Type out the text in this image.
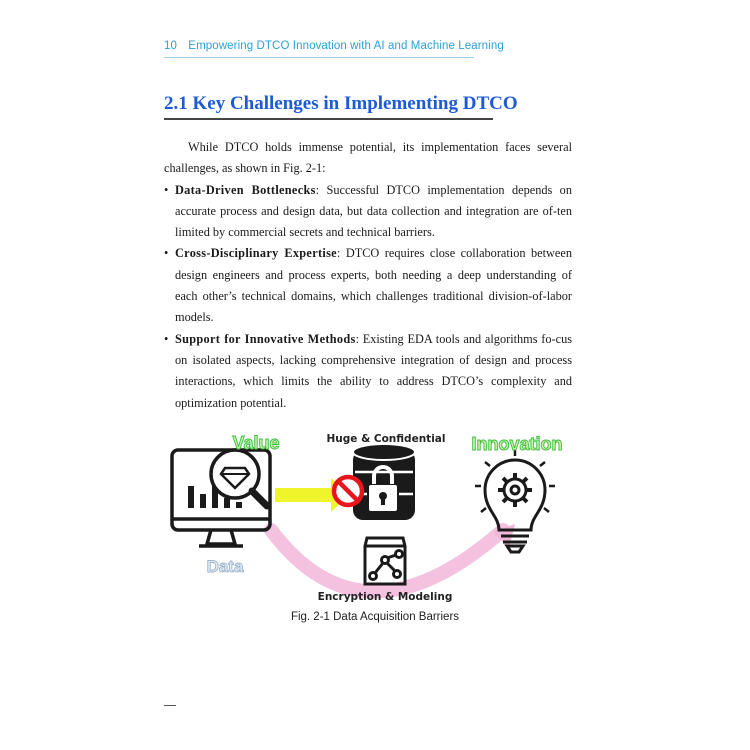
10 Empowering DTCO Innovation with AI and Machine Learning
2.1 Key Challenges in Implementing DTCO

While DTCO holds immense potential, its implementation faces several challenges, as shown in Fig. 2-1:

• Data-Driven Bottlenecks: Successful DTCO implementation depends on accurate process and design data, but data collection and integration are of-ten limited by commercial secrets and technical barriers.
• Cross-Disciplinary Expertise: DTCO requires close collaboration between design engineers and process experts, both needing a deep understanding of each other’s technical domains, which challenges traditional division-of-labor models.
• Support for Innovative Methods: Existing EDA tools and algorithms fo-cus on isolated aspects, lacking comprehensive integration of design and process interactions, which limits the ability to address DTCO’s complexity and optimization potential.
Value
Data
Huge & Confidential
Encryption & Modeling
Innovation
Fig. 2-1 Data Acquisition Barriers
